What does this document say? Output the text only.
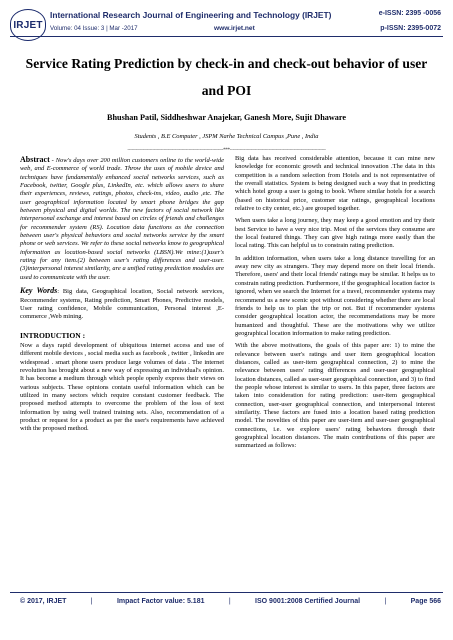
IRJET
International Research Journal of Engineering and Technology (IRJET)	e-ISSN: 2395 -0056
Volume: 04 Issue: 3 | Mar -2017	www.irjet.net	p-ISSN: 2395-0072
Service Rating Prediction by check-in and check-out behavior of user and POI
Bhushan Patil, Siddheshwar Anajekar, Ganesh More, Sujit Dhaware
Students , B.E Computer , JSPM Narhe Technical Campus ,Pune , India
---------------------------------------------------------------------***---------------------------------------------------------------------

Abstract - Now's days over 200 million customers online to the world-wide web, and E-commerce of world trade. Throw the uses of mobile device and techniques have fundamentally enhanced social networks services, such as Facebook, twitter, Google plus, LinkedIn, etc. which allows users to share their experiences, reviews, ratings, photos, check-ins, video, audio ,etc. The user geographical information located by smart phone bridges the gap between physical and digital worlds. The new factors of social network like interpersonal exchange and interest based on circles of friends and challenges for recommender system (RS). Location data functions as the connection between user's physical behaviors and social networks service by the smart phone or web services. We refer to these social networks know to geographical information as location-based social networks (LBSN).We mine:(1)user's rating for any item.(2) between user's rating differences and user-user.(3)interpersonal interest similarity, are a unified rating prediction modules are used to communicate with the user.

Key Words: Big data, Geographical location, Social network services, Recommender systems, Rating prediction, Smart Phones, Predictive models, User rating confidence, Mobile communication, Personal interest ,E-commerce ,Web mining.

INTRODUCTION :

Now a days rapid development of ubiquitous internet access and use of different mobile devices , social media such as facebook , twitter , linkedin are widespread . smart phone users produce large volumes of data . The internet revolution has brought about a new way of expressing an individual's opinion. It has become a medium through which people openly express their views on various subjects. These opinions contain useful information which can be utilized in many sectors which require constant customer feedback. The proposed method attempts to overcome the problem of the loss of text information by using well trained training sets. Also, recommendation of a product or request for a product as per the user's requirements have achieved with the proposed method.

Big data has received considerable attention, because it can mine new knowledge for economic growth and technical innovation .The data in this competition is a random selection from Hotels and is not representative of the overall statistics. System is being designed such a way that in predicting which hotel group a user is going to book. Where similar hotels for a search (based on historical price, customer star ratings, geographical locations relative to city center, etc.) are grouped together.

When users take a long journey, they may keep a good emotion and try their best Service to have a very nice trip. Most of the services they consume are the local featured things. They can give high ratings more easily than the local rating. This can helpful us to constrain rating prediction.

In addition information, when users take a long distance travelling for an away new city as strangers. They may depend more on their local friends. Therefore, users' and their local friends' ratings may be similar. It helps us to constrain rating prediction. Furthermore, if the geographical location factor is ignored, when we search the Internet for a travel, recommender systems may recommend us a new scenic spot without considering whether there are local friends to help us to plan the trip or not. But if recommender systems consider geographical location actor, the recommendations may be more humanized and thoughtful. These are the motivations why we utilize geographical location information to make rating prediction.

With the above motivations, the goals of this paper are: 1) to mine the relevance between user's ratings and user item geographical location distances, called as user-item geographical connection, 2) to mine the relevance between users' rating differences and user-user geographical location distances, called as user-user geographical connection, and 3) to find the people whose interest is similar to users. In this paper, three factors are taken into consideration for rating prediction: user-item geographical connection, user-user geographical connection, and interpersonal interest similarity. These factors are fused into a location based rating prediction model. The novelties of this paper are user-item and user-user geographical connections, i.e. we explore users' rating behaviors through their geographical location distances. The main contributions of this paper are summarized as follows:

© 2017, IRJET	|	Impact Factor value: 5.181	|	ISO 9001:2008 Certified Journal	|	Page 566
